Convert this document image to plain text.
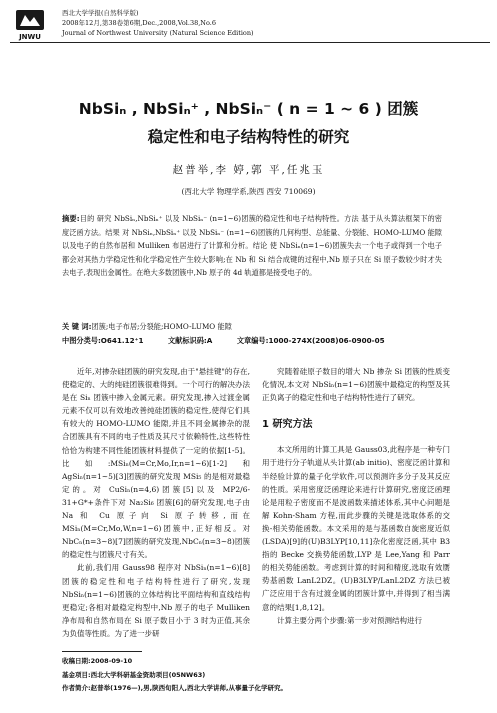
JNWU
西北大学学报(自然科学版)
2008年12月,第38卷第6期,Dec.,2008,Vol.38,No.6
Journal of Northwest University (Natural Science Edition)
NbSiₙ , NbSiₙ⁺ , NbSiₙ⁻ ( n = 1 ~ 6 ) 团簇
稳定性和电子结构特性的研究
赵普举,李 婷,郭 平,任兆玉
(西北大学 物理学系,陕西 西安 710069)
摘要:目的 研究 NbSiₙ,NbSiₙ⁺ 以及 NbSiₙ⁻ (n=1~6)团簇的稳定性和电子结构特性。方法 基于从头算法框架下的密度泛函方法。结果 对 NbSiₙ,NbSiₙ⁺ 以及 NbSiₙ⁻ (n=1~6)团簇的几何构型、总能量、分裂能、HOMO-LUMO 能隙以及电子的自然布居和 Mulliken 布居进行了计算和分析。结论 使 NbSiₙ(n=1~6)团簇失去一个电子或得到一个电子都会对其热力学稳定性和化学稳定性产生较大影响;在 Nb 和 Si 结合成键的过程中,Nb 原子只在 Si 原子数较少时才失去电子,表现出金属性。在绝大多数团簇中,Nb 原子的 4d 轨道都是接受电子的。
关 键 词:团簇;电子布居;分裂能;HOMO-LUMO 能隙
中图分类号:O641.12⁺1	文献标识码:A	文章编号:1000-274X(2008)06-0900-05

近年,对掺杂硅团簇的研究发现,由于"悬挂键"的存在,使稳定的、大的纯硅团簇很难得到。一个可行的解决办法是在 Siₙ 团簇中掺入金属元素。研究发现,掺入过渡金属元素不仅可以有效地改善纯硅团簇的稳定性,使得它们具有较大的 HOMO-LUMO 能隙,并且不同金属掺杂的混合团簇具有不同的电子性质及其尺寸依赖特性,这些特性恰恰为构建不同性能团簇材料提供了一定的依据[1-5]。比如:MSiₙ(M=Cr,Mo,Ir,n=1~6)[1-2]和 AgSiₙ(n=1~5)[3]团簇的研究发现 MSi₅ 的是相对最稳定的。对 CuSiₙ(n=4,6)团簇[5]以及 MP2/6-31+G*+条件下对 Na₂Si₆ 团簇[6]的研究发现,电子由 Na 和 Cu 原子向 Si 原子转移,而在 MSiₙ(M=Cr,Mo,W,n=1~6)团簇中,正好相反。对 NbCₙ(n=3~8)[7]团簇的研究发现,NbCₙ(n=3~8)团簇的稳定性与团簇尺寸有关。

此前,我们用 Gauss98 程序对 NbSiₙ(n=1~6)[8]团簇的稳定性和电子结构特性进行了研究,发现 NbSiₙ(n=1~6)团簇的立体结构比平面结构和直线结构更稳定;各相对最稳定构型中,Nb 原子的电子 Mulliken 净布局和自然布局在 Si 原子数目小于 3 时为正值,其余为负值等性质。为了进一步研

究随着硅原子数目的增大 Nb 掺杂 Si 团簇的性质变化情况,本文对 NbSiₙ(n=1~6)团簇中最稳定的构型及其正负离子的稳定性和电子结构特性进行了研究。

1 研究方法

本文所用的计算工具是 Gauss03,此程序是一种专门用于进行分子轨道从头计算(ab initio)、密度泛函计算和半经验计算的量子化学软件,可以预测许多分子及其反应的性质。采用密度泛函理论来进行计算研究,密度泛函理论是用粒子密度而不是波函数来描述体系,其中心问题是解 Kohn-Sham 方程,而此步骤的关键是选取体系的交换-相关势能函数。本文采用的是与基函数自旋密度近似(LSDA)[9]的(U)B3LYP[10,11]杂化密度泛函,其中 B3 指的 Becke 交换势能函数,LYP 是 Lee,Yang 和 Parr 的相关势能函数。考虑到计算的时间和精度,选取有效赝势基函数 LanL2DZ。(U)B3LYP/LanL2DZ 方法已被广泛应用于含有过渡金属的团簇计算中,并得到了相当满意的结果[1,8,12]。

计算主要分两个步骤:第一步对预测结构进行

收稿日期:2008-09-10
基金项目:西北大学科研基金资助项目(05NW63)
作者简介:赵普举(1976—),男,陕西旬阳人,西北大学讲师,从事量子化学研究。
